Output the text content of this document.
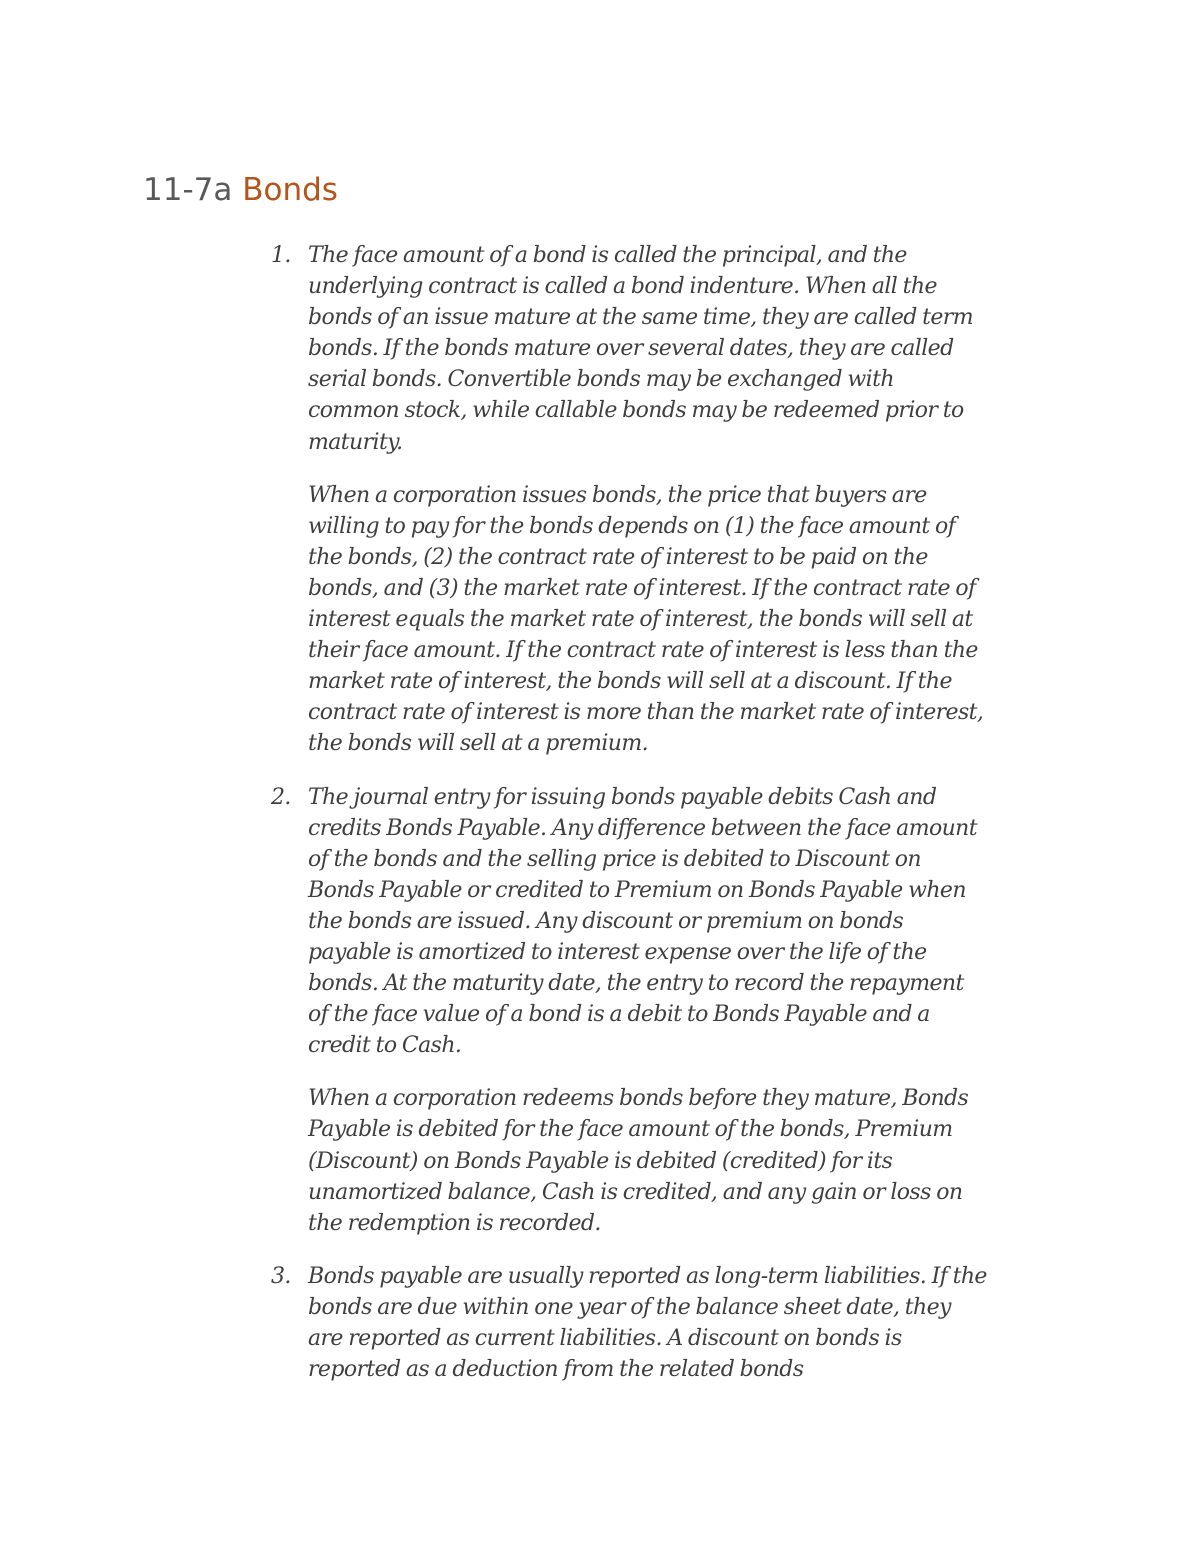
11-7a Bonds
1. The face amount of a bond is called the principal, and the underlying contract is called a bond indenture. When all the bonds of an issue mature at the same time, they are called term bonds. If the bonds mature over several dates, they are called serial bonds. Convertible bonds may be exchanged with common stock, while callable bonds may be redeemed prior to maturity.

When a corporation issues bonds, the price that buyers are willing to pay for the bonds depends on (1) the face amount of the bonds, (2) the contract rate of interest to be paid on the bonds, and (3) the market rate of interest. If the contract rate of interest equals the market rate of interest, the bonds will sell at their face amount. If the contract rate of interest is less than the market rate of interest, the bonds will sell at a discount. If the contract rate of interest is more than the market rate of interest, the bonds will sell at a premium.

2. The journal entry for issuing bonds payable debits Cash and credits Bonds Payable. Any difference between the face amount of the bonds and the selling price is debited to Discount on Bonds Payable or credited to Premium on Bonds Payable when the bonds are issued. Any discount or premium on bonds payable is amortized to interest expense over the life of the bonds. At the maturity date, the entry to record the repayment of the face value of a bond is a debit to Bonds Payable and a credit to Cash.

When a corporation redeems bonds before they mature, Bonds Payable is debited for the face amount of the bonds, Premium (Discount) on Bonds Payable is debited (credited) for its unamortized balance, Cash is credited, and any gain or loss on the redemption is recorded.

3. Bonds payable are usually reported as long-term liabilities. If the bonds are due within one year of the balance sheet date, they are reported as current liabilities. A discount on bonds is reported as a deduction from the related bonds
